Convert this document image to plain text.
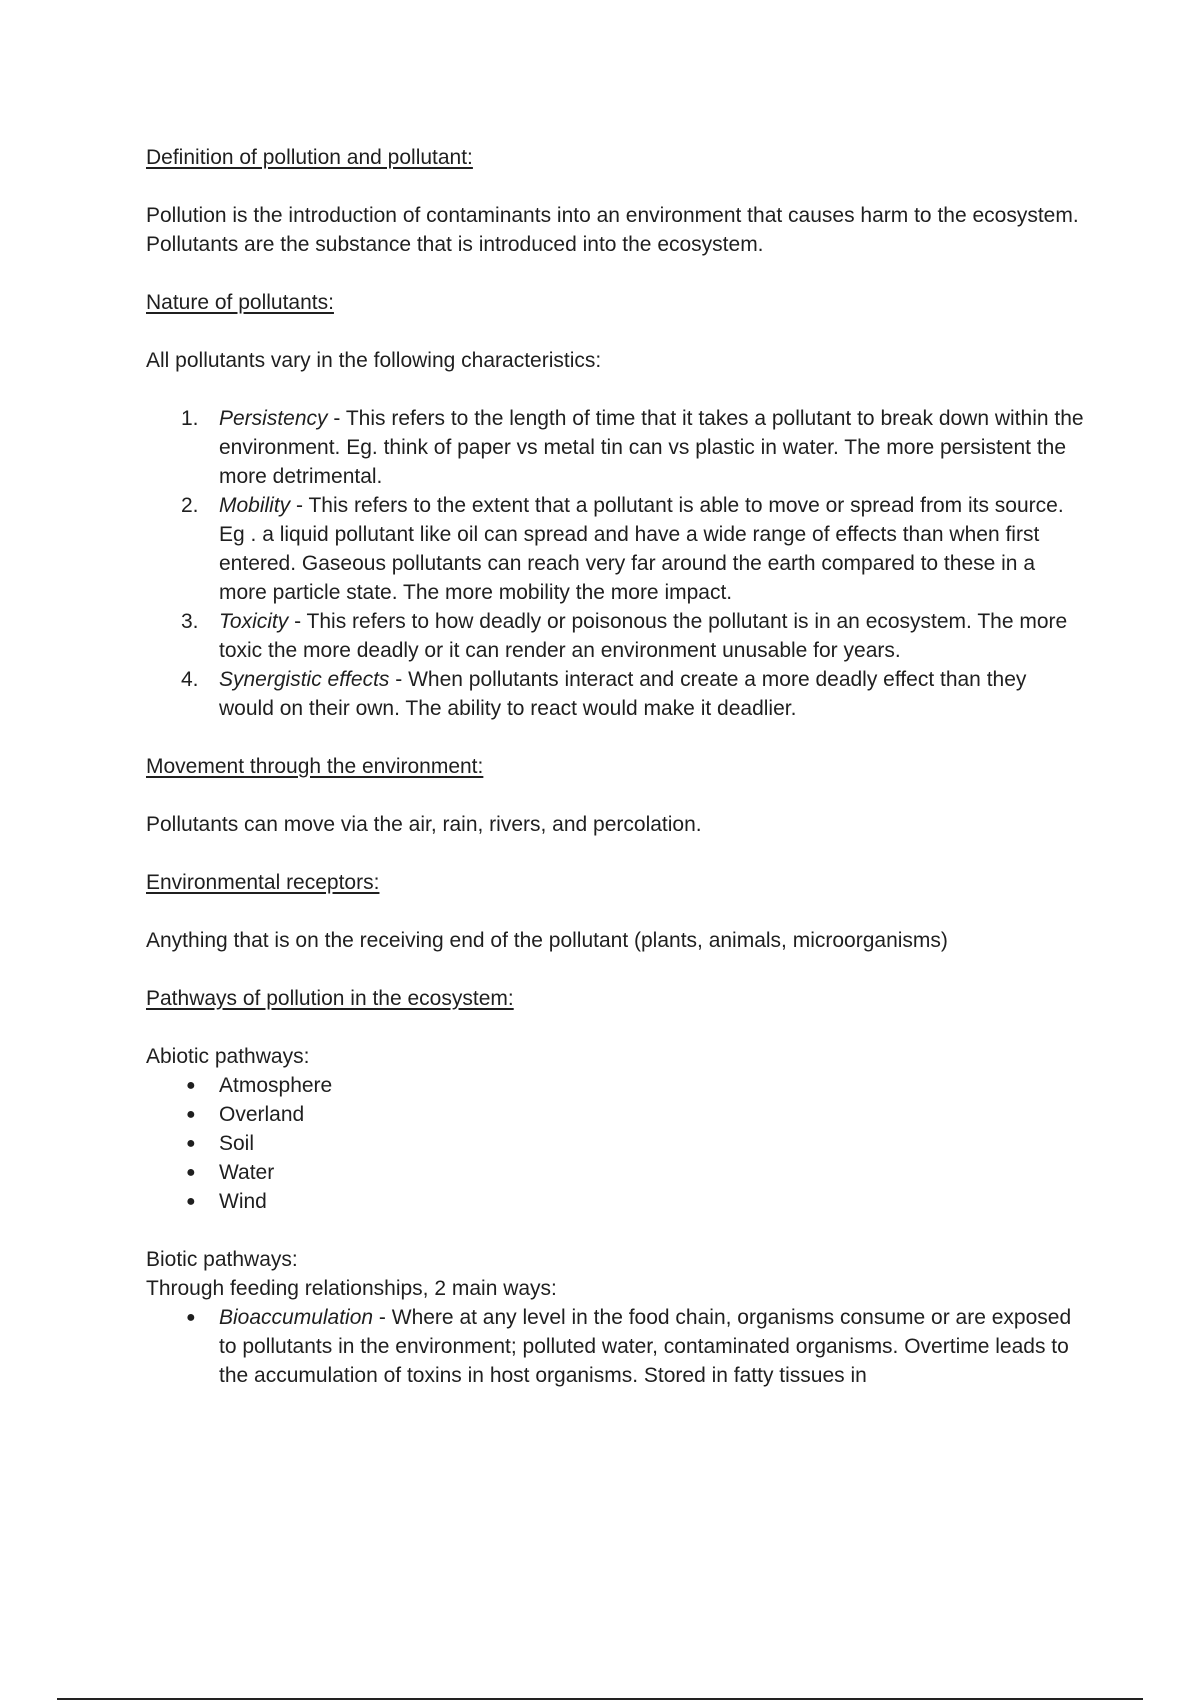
Definition of pollution and pollutant:

Pollution is the introduction of contaminants into an environment that causes harm to the ecosystem.

Pollutants are the substance that is introduced into the ecosystem.

Nature of pollutants:

All pollutants vary in the following characteristics:

1. Persistency - This refers to the length of time that it takes a pollutant to break down within the environment. Eg. think of paper vs metal tin can vs plastic in water. The more persistent the more detrimental.
2. Mobility - This refers to the extent that a pollutant is able to move or spread from its source. Eg . a liquid pollutant like oil can spread and have a wide range of effects than when first entered. Gaseous pollutants can reach very far around the earth compared to these in a more particle state. The more mobility the more impact.
3. Toxicity - This refers to how deadly or poisonous the pollutant is in an ecosystem. The more toxic the more deadly or it can render an environment unusable for years.
4. Synergistic effects - When pollutants interact and create a more deadly effect than they would on their own. The ability to react would make it deadlier.
Movement through the environment:

Pollutants can move via the air, rain, rivers, and percolation.

Environmental receptors:

Anything that is on the receiving end of the pollutant (plants, animals, microorganisms)

Pathways of pollution in the ecosystem:

Abiotic pathways:

● Atmosphere
● Overland
● Soil
● Water
● Wind

Biotic pathways:

Through feeding relationships, 2 main ways:

● Bioaccumulation - Where at any level in the food chain, organisms consume or are exposed to pollutants in the environment; polluted water, contaminated organisms. Overtime leads to the accumulation of toxins in host organisms. Stored in fatty tissues in
